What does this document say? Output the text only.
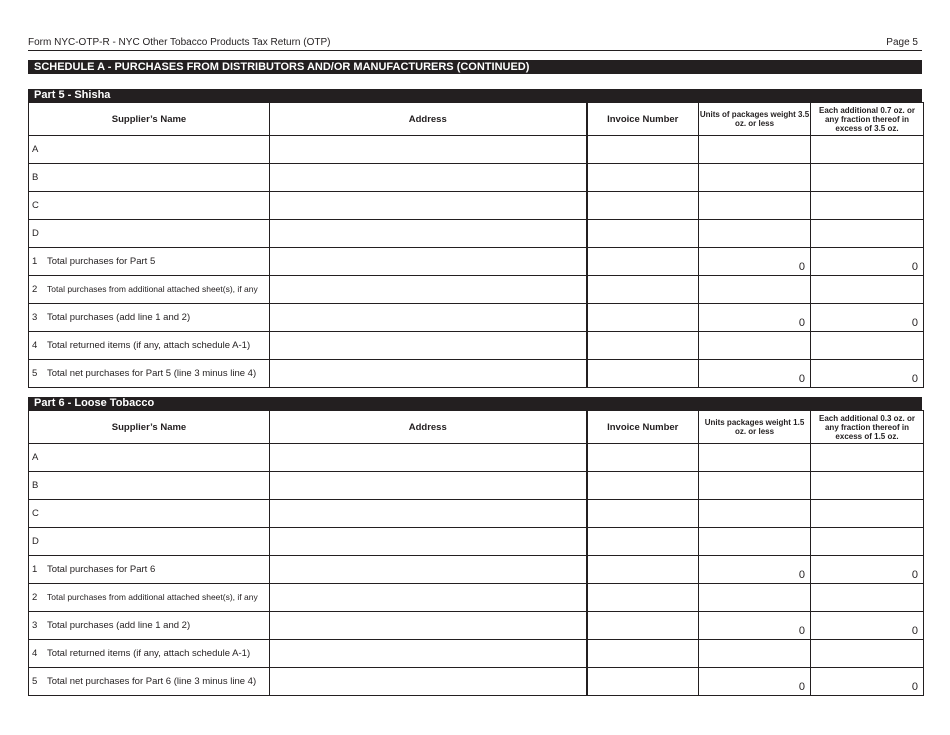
Form NYC-OTP-R - NYC Other Tobacco Products Tax Return (OTP)	Page 5
SCHEDULE A - PURCHASES FROM DISTRIBUTORS AND/OR MANUFACTURERS (CONTINUED)
Part 5 - Shisha
Supplier’s Name	Address	Invoice Number	Units of packages weight 3.5 oz. or less	Each additional 0.7 oz. or any fraction thereof in excess of 3.5 oz.
A				
B				
C				
D				
1 Total purchases for Part 5			0	0
2 Total purchases from additional attached sheet(s), if any				
3 Total purchases (add line 1 and 2)			0	0
4 Total returned items (if any, attach schedule A-1)				
5 Total net purchases for Part 5 (line 3 minus line 4)			0	0
Part 6 - Loose Tobacco
Supplier’s Name	Address	Invoice Number	Units packages weight 1.5 oz. or less	Each additional 0.3 oz. or any fraction thereof in excess of 1.5 oz.
A				
B				
C				
D				
1 Total purchases for Part 6			0	0
2 Total purchases from additional attached sheet(s), if any				
3 Total purchases (add line 1 and 2)			0	0
4 Total returned items (if any, attach schedule A-1)				
5 Total net purchases for Part 6 (line 3 minus line 4)			0	0
